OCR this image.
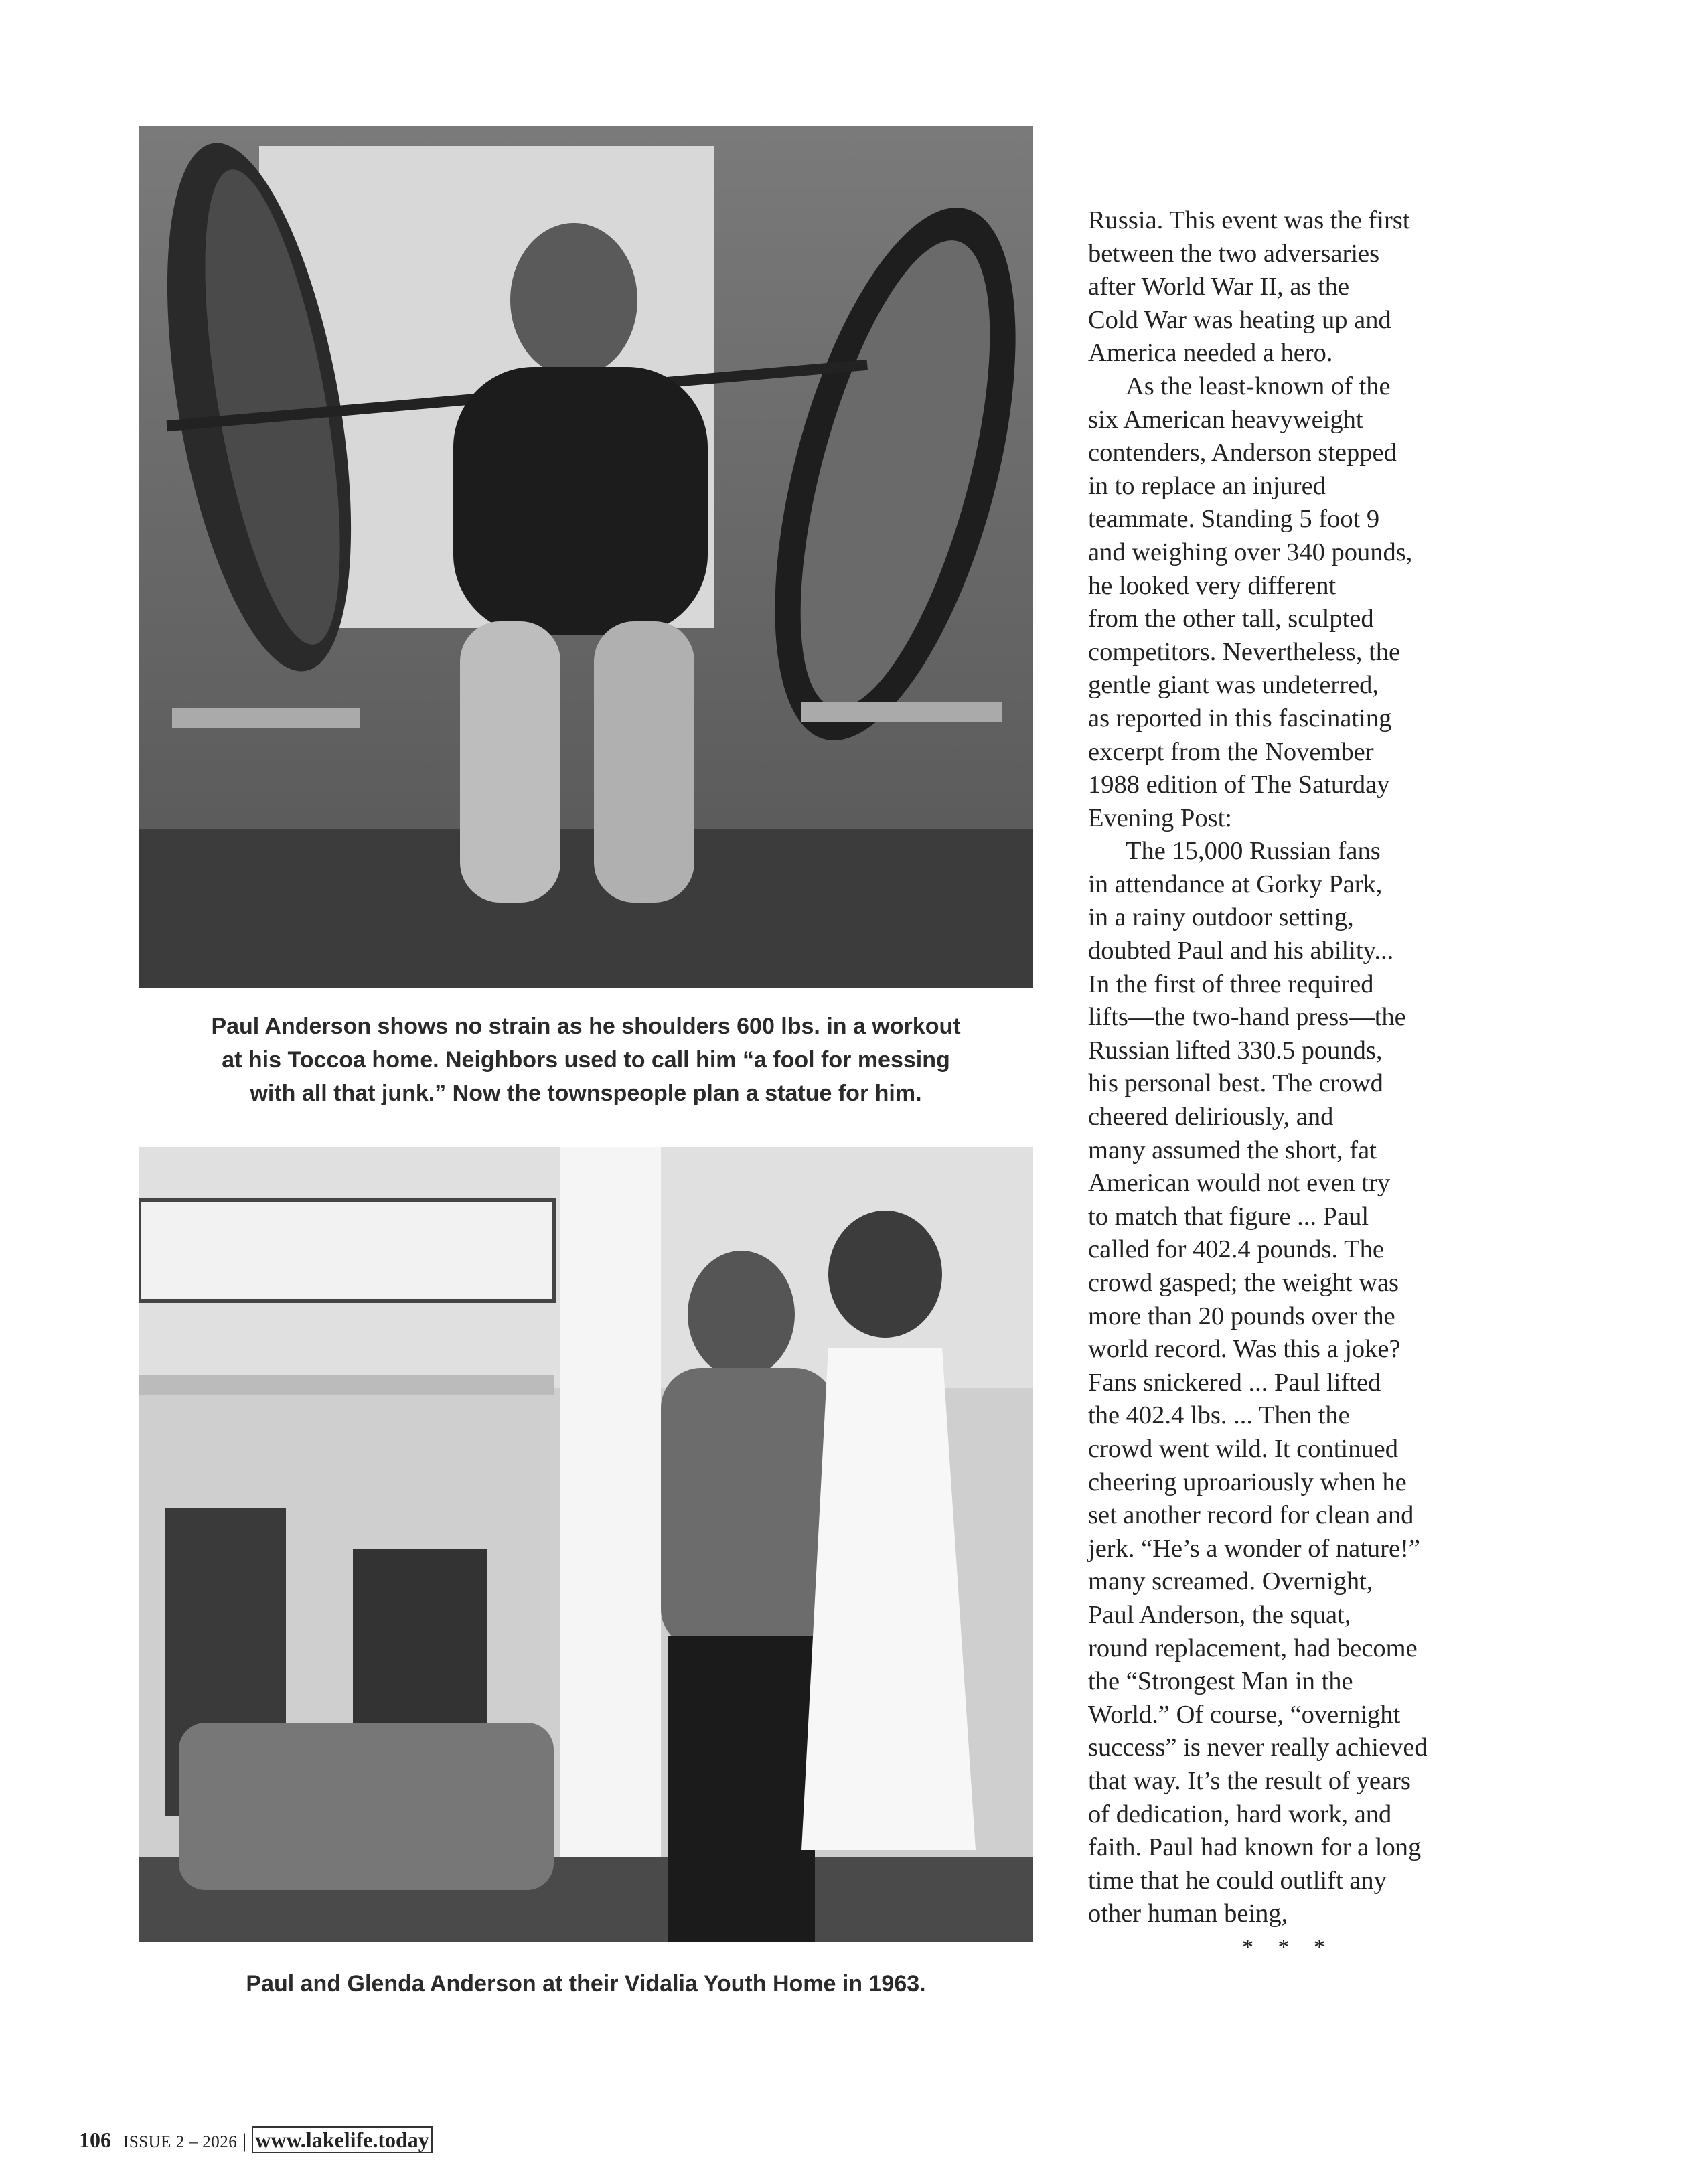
Paul Anderson shows no strain as he shoulders 600 lbs. in a workout
at his Toccoa home. Neighbors used to call him “a fool for messing
with all that junk.” Now the townspeople plan a statue for him.
Paul and Glenda Anderson at their Vidalia Youth Home in 1963.
Russia. This event was the first
between the two adversaries
after World War II, as the
Cold War was heating up and
America needed a hero.
As the least-known of the
six American heavyweight
contenders, Anderson stepped
in to replace an injured
teammate. Standing 5 foot 9
and weighing over 340 pounds,
he looked very different
from the other tall, sculpted
competitors. Nevertheless, the
gentle giant was undeterred,
as reported in this fascinating
excerpt from the November
1988 edition of The Saturday
Evening Post:
The 15,000 Russian fans
in attendance at Gorky Park,
in a rainy outdoor setting,
doubted Paul and his ability...
In the first of three required
lifts—the two-hand press—the
Russian lifted 330.5 pounds,
his personal best. The crowd
cheered deliriously, and
many assumed the short, fat
American would not even try
to match that figure ... Paul
called for 402.4 pounds. The
crowd gasped; the weight was
more than 20 pounds over the
world record. Was this a joke?
Fans snickered ... Paul lifted
the 402.4 lbs. ... Then the
crowd went wild. It continued
cheering uproariously when he
set another record for clean and
jerk. “He’s a wonder of nature!”
many screamed. Overnight,
Paul Anderson, the squat,
round replacement, had become
the “Strongest Man in the
World.” Of course, “overnight
success” is never really achieved
that way. It’s the result of years
of dedication, hard work, and
faith. Paul had known for a long
time that he could outlift any
other human being,
* * *
106 ISSUE 2 – 2026 | www.lakelife.today
